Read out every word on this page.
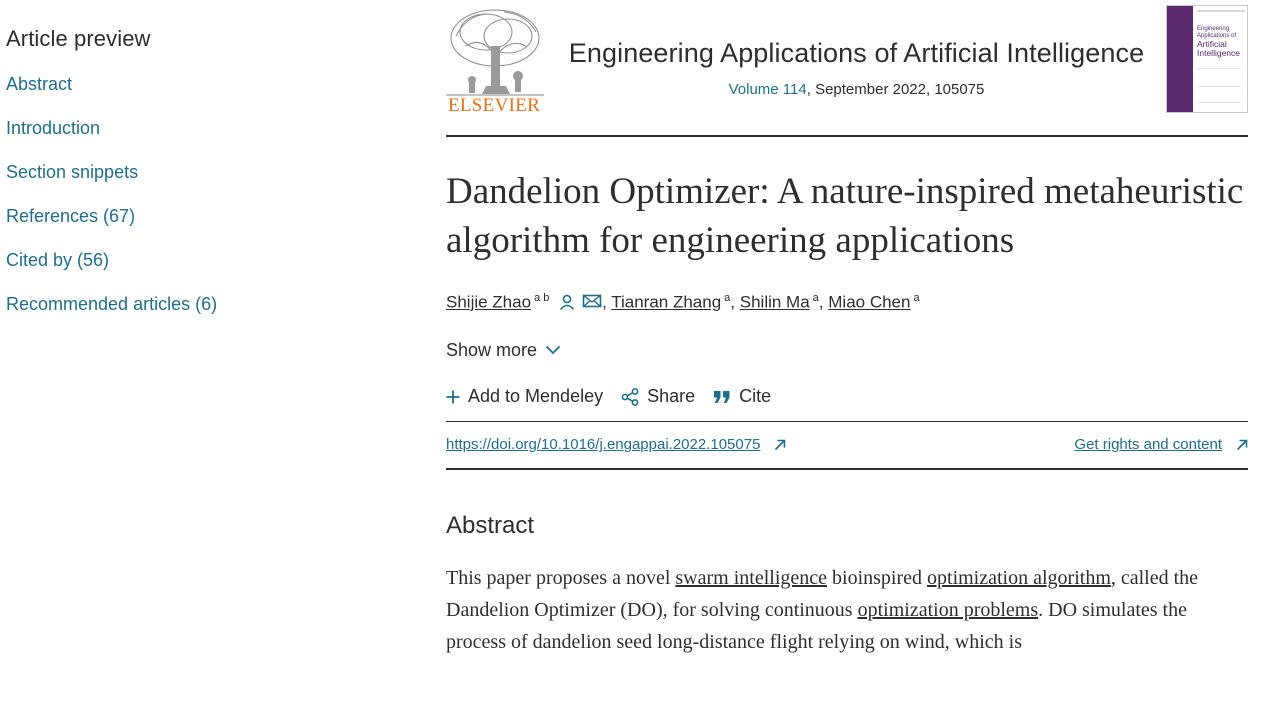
Article preview
Abstract
Introduction
Section snippets
References (67)
Cited by (56)
Recommended articles (6)
ELSEVIER
Engineering Applications of Artificial Intelligence
Volume 114, September 2022, 105075
Engineering Applications of
Artificial Intelligence
Dandelion Optimizer: A nature-inspired metaheuristic algorithm for engineering applications
Shijie Zhao $^{a b}$	, Tianran Zhang $^a$, Shilin Ma $^a$, Miao Chen $^a$
Show more
Add to Mendeley Share Cite
https://doi.org/10.1016/j.engappai.2022.105075	Get rights and content
Abstract

This paper proposes a novel swarm intelligence bioinspired optimization algorithm, called the Dandelion Optimizer (DO), for solving continuous optimization problems. DO simulates the process of dandelion seed long-distance flight relying on wind, which is
